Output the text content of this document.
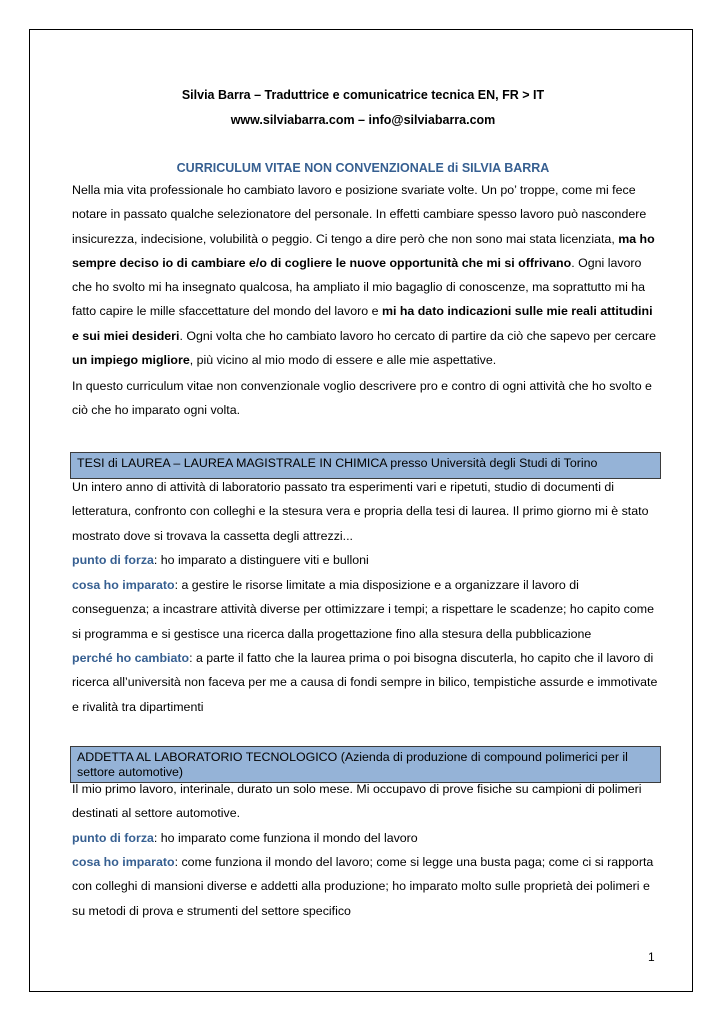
Silvia Barra – Traduttrice e comunicatrice tecnica EN, FR > IT
www.silviabarra.com – info@silviabarra.com
CURRICULUM VITAE NON CONVENZIONALE di SILVIA BARRA

Nella mia vita professionale ho cambiato lavoro e posizione svariate volte. Un po’ troppe, come mi fece notare in passato qualche selezionatore del personale. In effetti cambiare spesso lavoro può nascondere insicurezza, indecisione, volubilità o peggio. Ci tengo a dire però che non sono mai stata licenziata, ma ho sempre deciso io di cambiare e/o di cogliere le nuove opportunità che mi si offrivano. Ogni lavoro che ho svolto mi ha insegnato qualcosa, ha ampliato il mio bagaglio di conoscenze, ma soprattutto mi ha fatto capire le mille sfaccettature del mondo del lavoro e mi ha dato indicazioni sulle mie reali attitudini e sui miei desideri. Ogni volta che ho cambiato lavoro ho cercato di partire da ciò che sapevo per cercare un impiego migliore, più vicino al mio modo di essere e alle mie aspettative.

In questo curriculum vitae non convenzionale voglio descrivere pro e contro di ogni attività che ho svolto e ciò che ho imparato ogni volta.

TESI di LAUREA – LAUREA MAGISTRALE IN CHIMICA presso Università degli Studi di Torino

Un intero anno di attività di laboratorio passato tra esperimenti vari e ripetuti, studio di documenti di letteratura, confronto con colleghi e la stesura vera e propria della tesi di laurea. Il primo giorno mi è stato mostrato dove si trovava la cassetta degli attrezzi...

punto di forza: ho imparato a distinguere viti e bulloni

cosa ho imparato: a gestire le risorse limitate a mia disposizione e a organizzare il lavoro di conseguenza; a incastrare attività diverse per ottimizzare i tempi; a rispettare le scadenze; ho capito come si programma e si gestisce una ricerca dalla progettazione fino alla stesura della pubblicazione

perché ho cambiato: a parte il fatto che la laurea prima o poi bisogna discuterla, ho capito che il lavoro di ricerca all’università non faceva per me a causa di fondi sempre in bilico, tempistiche assurde e immotivate e rivalità tra dipartimenti

ADDETTA AL LABORATORIO TECNOLOGICO (Azienda di produzione di compound polimerici per il settore automotive)

Il mio primo lavoro, interinale, durato un solo mese. Mi occupavo di prove fisiche su campioni di polimeri destinati al settore automotive.

punto di forza: ho imparato come funziona il mondo del lavoro

cosa ho imparato: come funziona il mondo del lavoro; come si legge una busta paga; come ci si rapporta con colleghi di mansioni diverse e addetti alla produzione; ho imparato molto sulle proprietà dei polimeri e su metodi di prova e strumenti del settore specifico

1
